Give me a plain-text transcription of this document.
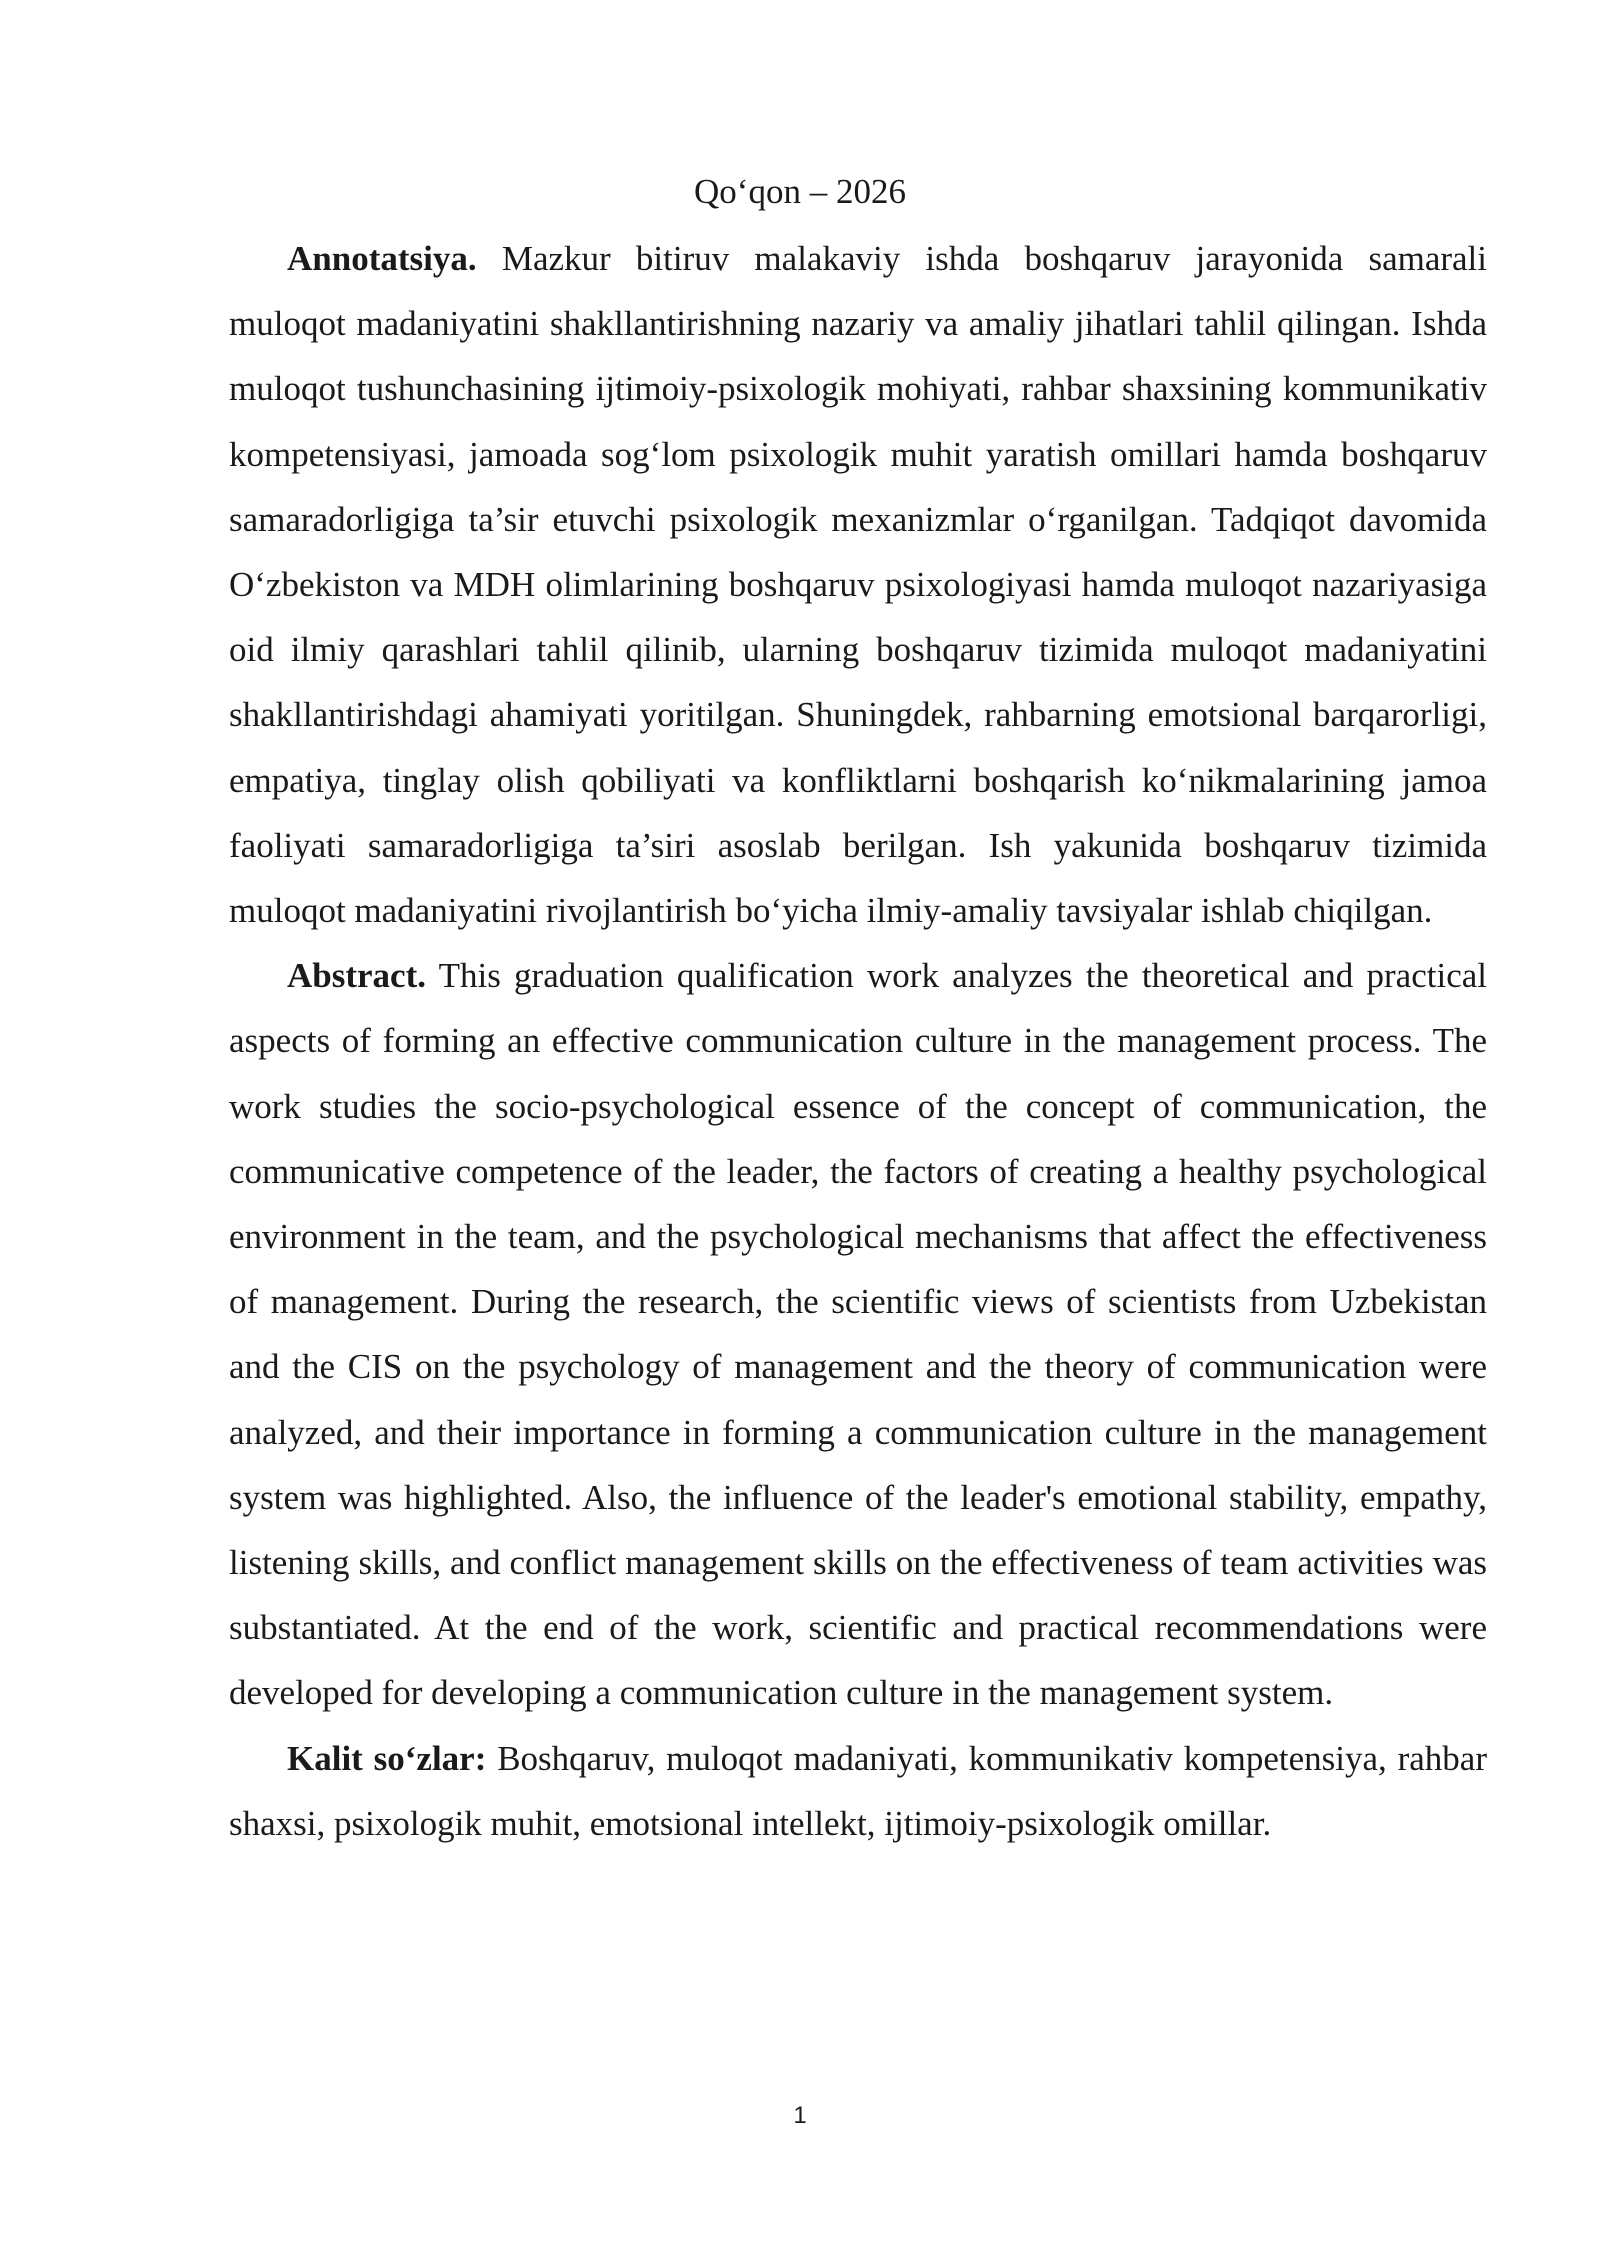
Qo‘qon – 2026

Annotatsiya. Mazkur bitiruv malakaviy ishda boshqaruv jarayonida samarali muloqot madaniyatini shakllantirishning nazariy va amaliy jihatlari tahlil qilingan. Ishda muloqot tushunchasining ijtimoiy-psixologik mohiyati, rahbar shaxsining kommunikativ kompetensiyasi, jamoada sog‘lom psixologik muhit yaratish omillari hamda boshqaruv samaradorligiga ta’sir etuvchi psixologik mexanizmlar o‘rganilgan. Tadqiqot davomida O‘zbekiston va MDH olimlarining boshqaruv psixologiyasi hamda muloqot nazariyasiga oid ilmiy qarashlari tahlil qilinib, ularning boshqaruv tizimida muloqot madaniyatini shakllantirishdagi ahamiyati yoritilgan. Shuningdek, rahbarning emotsional barqarorligi, empatiya, tinglay olish qobiliyati va konfliktlarni boshqarish ko‘nikmalarining jamoa faoliyati samaradorligiga ta’siri asoslab berilgan. Ish yakunida boshqaruv tizimida muloqot madaniyatini rivojlantirish bo‘yicha ilmiy-amaliy tavsiyalar ishlab chiqilgan.

Abstract. This graduation qualification work analyzes the theoretical and practical aspects of forming an effective communication culture in the management process. The work studies the socio-psychological essence of the concept of communication, the communicative competence of the leader, the factors of creating a healthy psychological environment in the team, and the psychological mechanisms that affect the effectiveness of management. During the research, the scientific views of scientists from Uzbekistan and the CIS on the psychology of management and the theory of communication were analyzed, and their importance in forming a communication culture in the management system was highlighted. Also, the influence of the leader's emotional stability, empathy, listening skills, and conflict management skills on the effectiveness of team activities was substantiated. At the end of the work, scientific and practical recommendations were developed for developing a communication culture in the management system.

Kalit so‘zlar: Boshqaruv, muloqot madaniyati, kommunikativ kompetensiya, rahbar shaxsi, psixologik muhit, emotsional intellekt, ijtimoiy-psixologik omillar.

1
